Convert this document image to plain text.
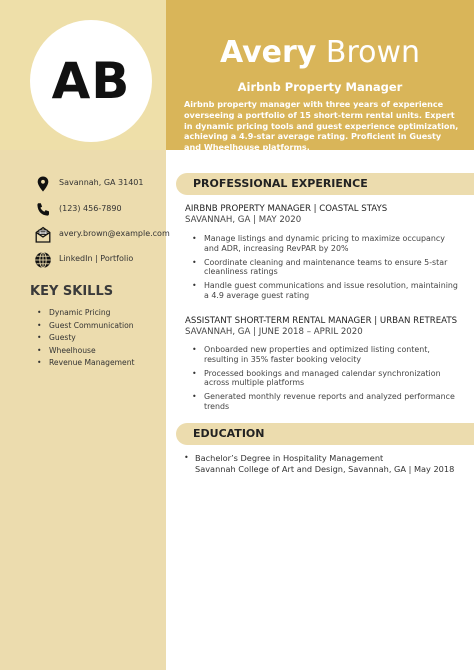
AB	Avery Brown
Airbnb Property Manager
Airbnb property manager with three years of experience overseeing a portfolio of 15 short-term rental units. Expert in dynamic pricing tools and guest experience optimization, achieving a 4.9-star average rating. Proficient in Guesty and Wheelhouse platforms.
Savannah, GA 31401
(123) 456-7890
avery.brown@example.com
LinkedIn | Portfolio
KEY SKILLS
• Dynamic Pricing
• Guest Communication
• Guesty
• Wheelhouse
• Revenue Management
PROFESSIONAL EXPERIENCE
AIRBNB PROPERTY MANAGER | COASTAL STAYS
SAVANNAH, GA | MAY 2020
• Manage listings and dynamic pricing to maximize occupancy and ADR, increasing RevPAR by 20%
• Coordinate cleaning and maintenance teams to ensure 5-star cleanliness ratings
• Handle guest communications and issue resolution, maintaining a 4.9 average guest rating
ASSISTANT SHORT-TERM RENTAL MANAGER | URBAN RETREATS
SAVANNAH, GA | JUNE 2018 – APRIL 2020
• Onboarded new properties and optimized listing content, resulting in 35% faster booking velocity
• Processed bookings and managed calendar synchronization across multiple platforms
• Generated monthly revenue reports and analyzed performance trends
EDUCATION
• Bachelor’s Degree in Hospitality Management
Savannah College of Art and Design, Savannah, GA | May 2018
